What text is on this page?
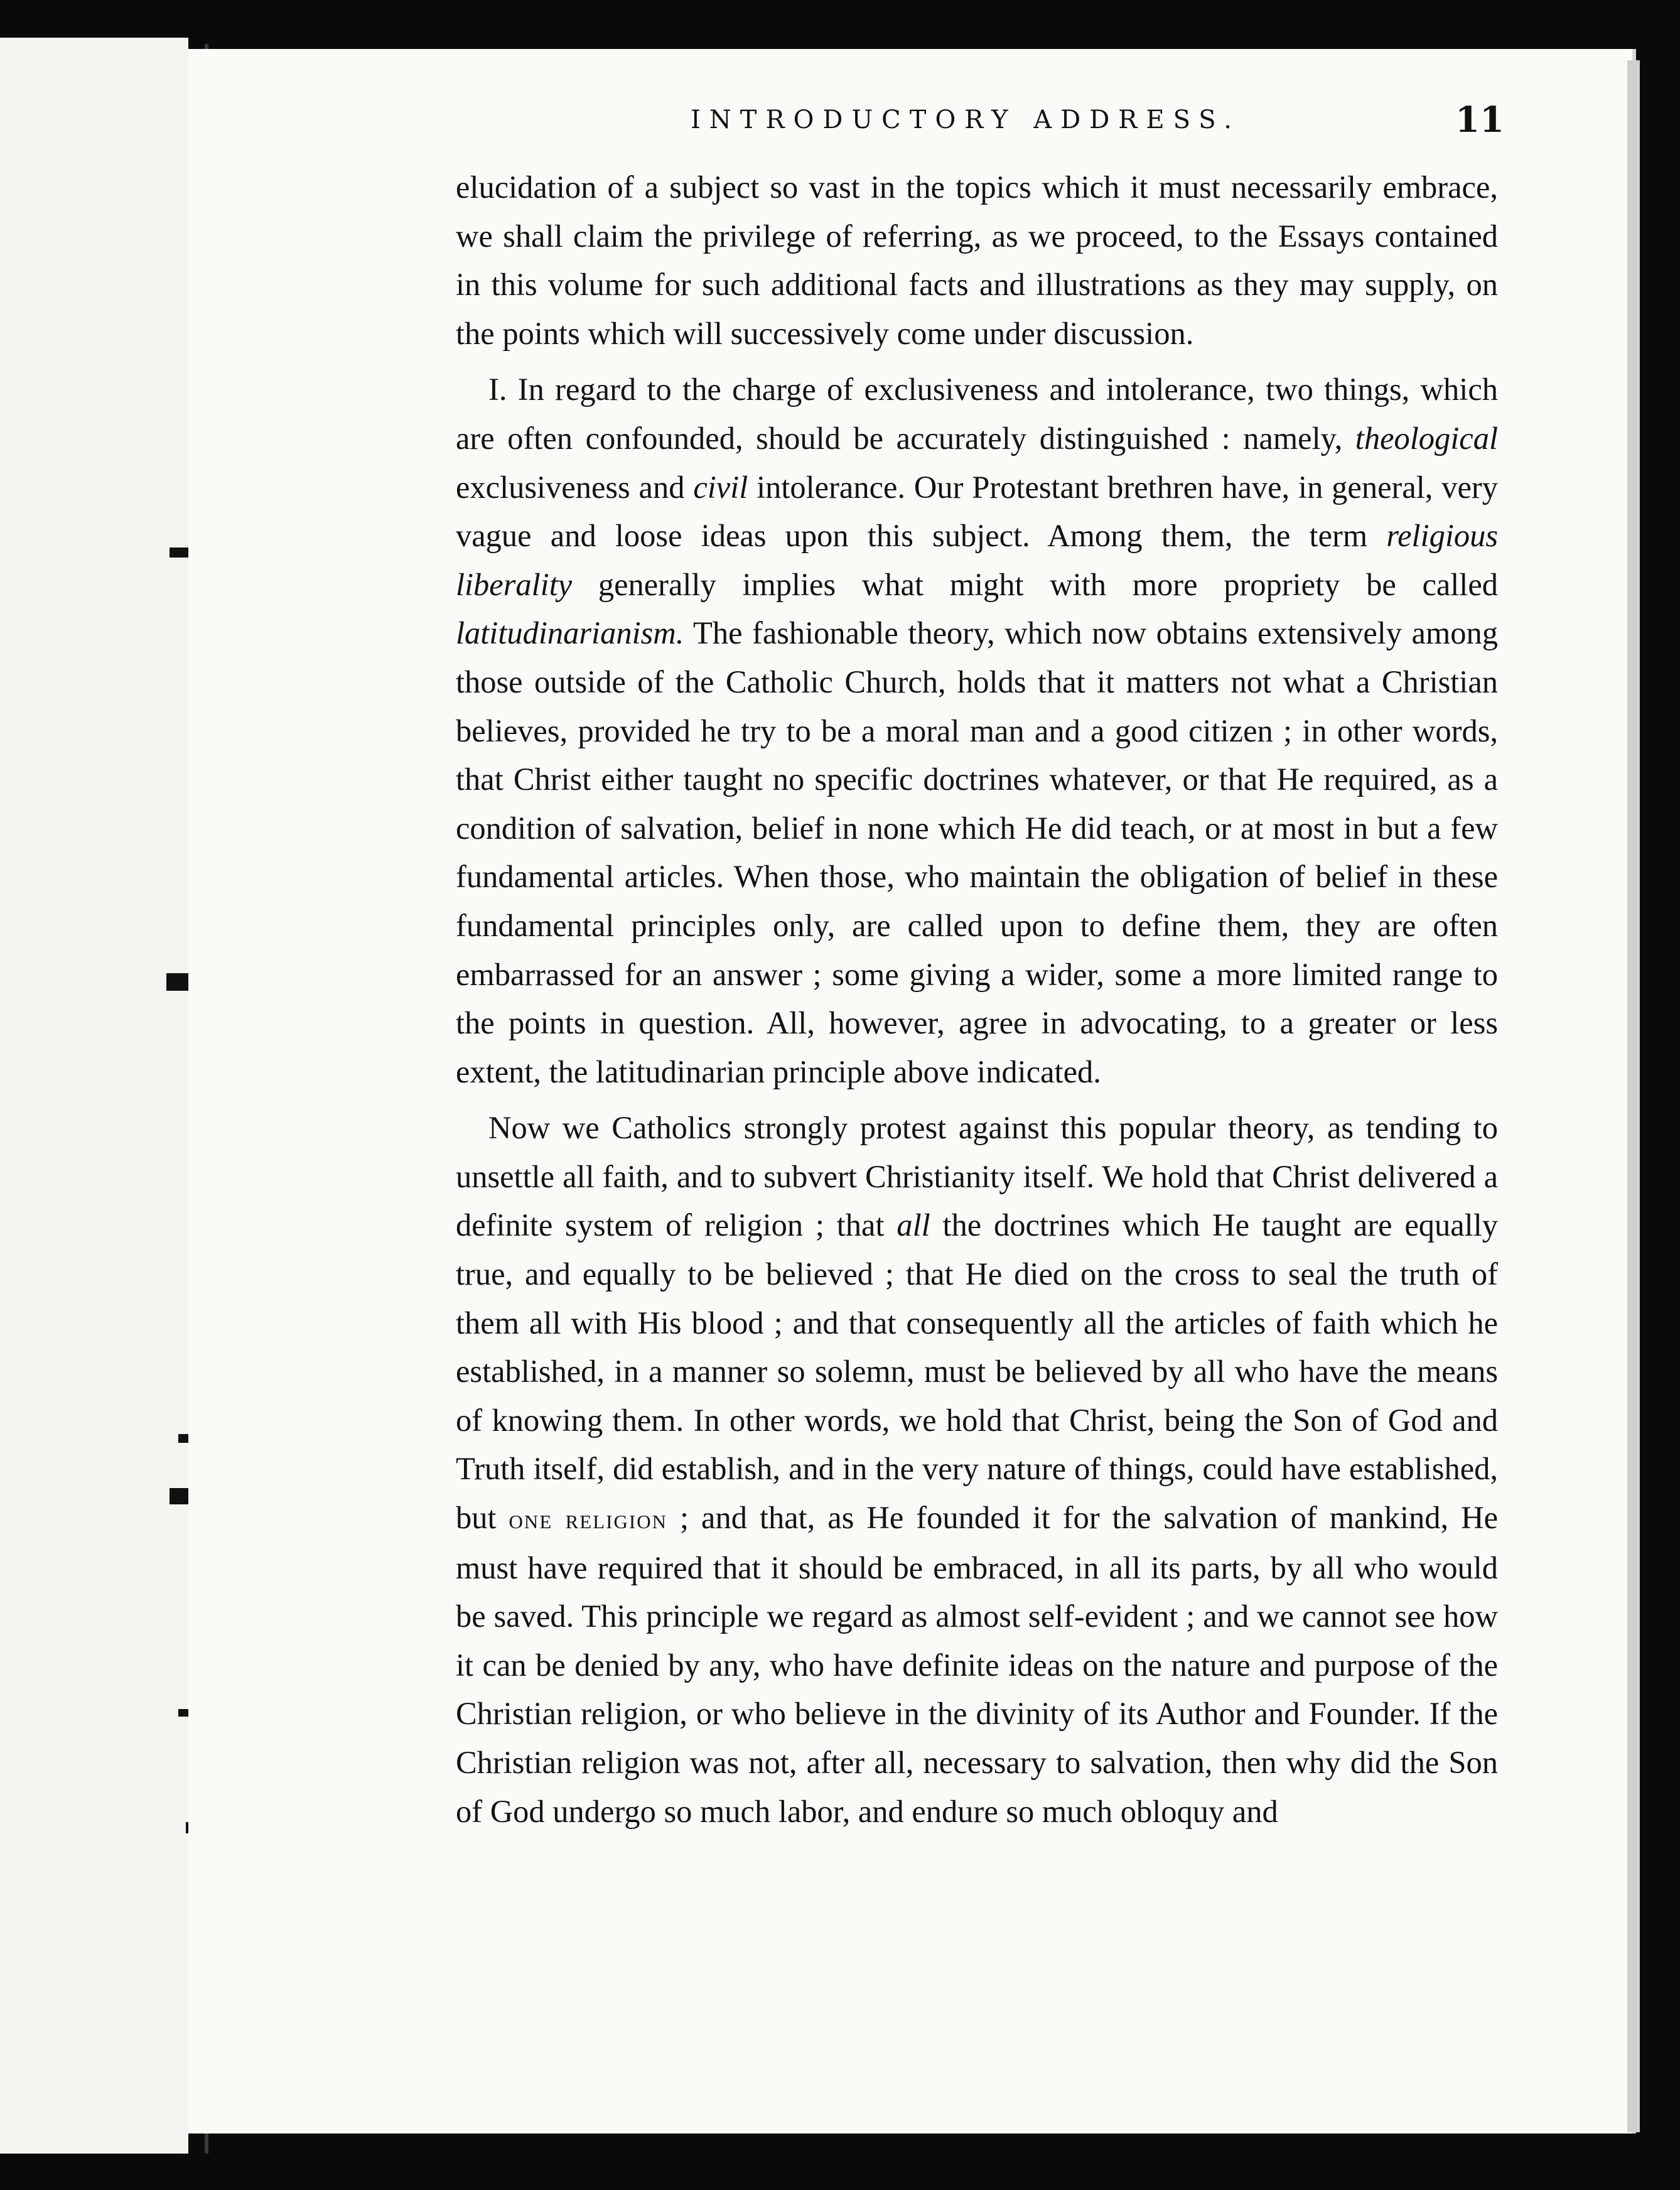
INTRODUCTORY ADDRESS.	11

elucidation of a subject so vast in the topics which it must necessarily embrace, we shall claim the privilege of referring, as we proceed, to the Essays contained in this volume for such additional facts and illustrations as they may supply, on the points which will successively come under discussion.

I. In regard to the charge of exclusiveness and intolerance, two things, which are often confounded, should be accurately distinguished : namely, theological exclusiveness and civil intolerance. Our Protestant brethren have, in general, very vague and loose ideas upon this subject. Among them, the term religious liberality generally implies what might with more propriety be called latitudinarianism. The fashionable theory, which now obtains extensively among those outside of the Catholic Church, holds that it matters not what a Christian believes, provided he try to be a moral man and a good citizen ; in other words, that Christ either taught no specific doctrines whatever, or that He required, as a condition of salvation, belief in none which He did teach, or at most in but a few fundamental articles. When those, who maintain the obligation of belief in these fundamental principles only, are called upon to define them, they are often embarrassed for an answer ; some giving a wider, some a more limited range to the points in question. All, however, agree in advocating, to a greater or less extent, the latitudinarian principle above indicated.

Now we Catholics strongly protest against this popular theory, as tending to unsettle all faith, and to subvert Christianity itself. We hold that Christ delivered a definite system of religion ; that all the doctrines which He taught are equally true, and equally to be believed ; that He died on the cross to seal the truth of them all with His blood ; and that consequently all the articles of faith which he established, in a manner so solemn, must be believed by all who have the means of knowing them. In other words, we hold that Christ, being the Son of God and Truth itself, did establish, and in the very nature of things, could have established, but one religion ; and that, as He founded it for the salvation of mankind, He must have required that it should be embraced, in all its parts, by all who would be saved. This principle we regard as almost self-evident ; and we cannot see how it can be denied by any, who have definite ideas on the nature and purpose of the Christian religion, or who believe in the divinity of its Author and Founder. If the Christian religion was not, after all, necessary to salvation, then why did the Son of God undergo so much labor, and endure so much obloquy and
